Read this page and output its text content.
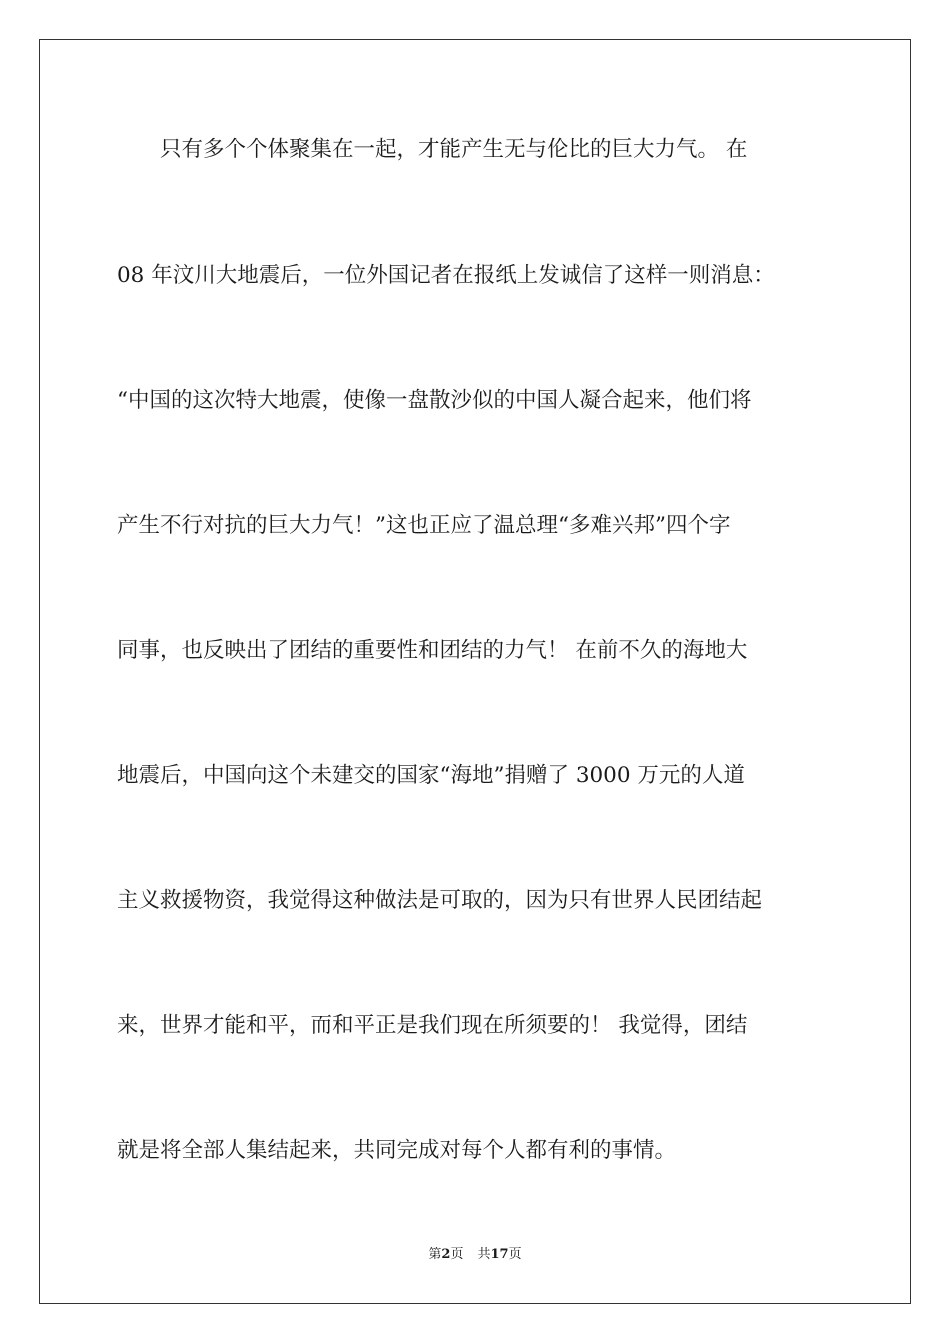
　　只有多个个体聚集在一起，才能产生无与伦比的巨大力气。 在
08 年汶川大地震后，一位外国记者在报纸上发诚信了这样一则消息：
“中国的这次特大地震，使像一盘散沙似的中国人凝合起来，他们将
产生不行对抗的巨大力气！”这也正应了温总理“多难兴邦”四个字
同事，也反映出了团结的重要性和团结的力气！ 在前不久的海地大
地震后，中国向这个未建交的国家“海地”捐赠了 3000 万元的人道
主义救援物资，我觉得这种做法是可取的，因为只有世界人民团结起
来，世界才能和平，而和平正是我们现在所须要的！ 我觉得，团结
就是将全部人集结起来，共同完成对每个人都有利的事情。
第2页 共17页
